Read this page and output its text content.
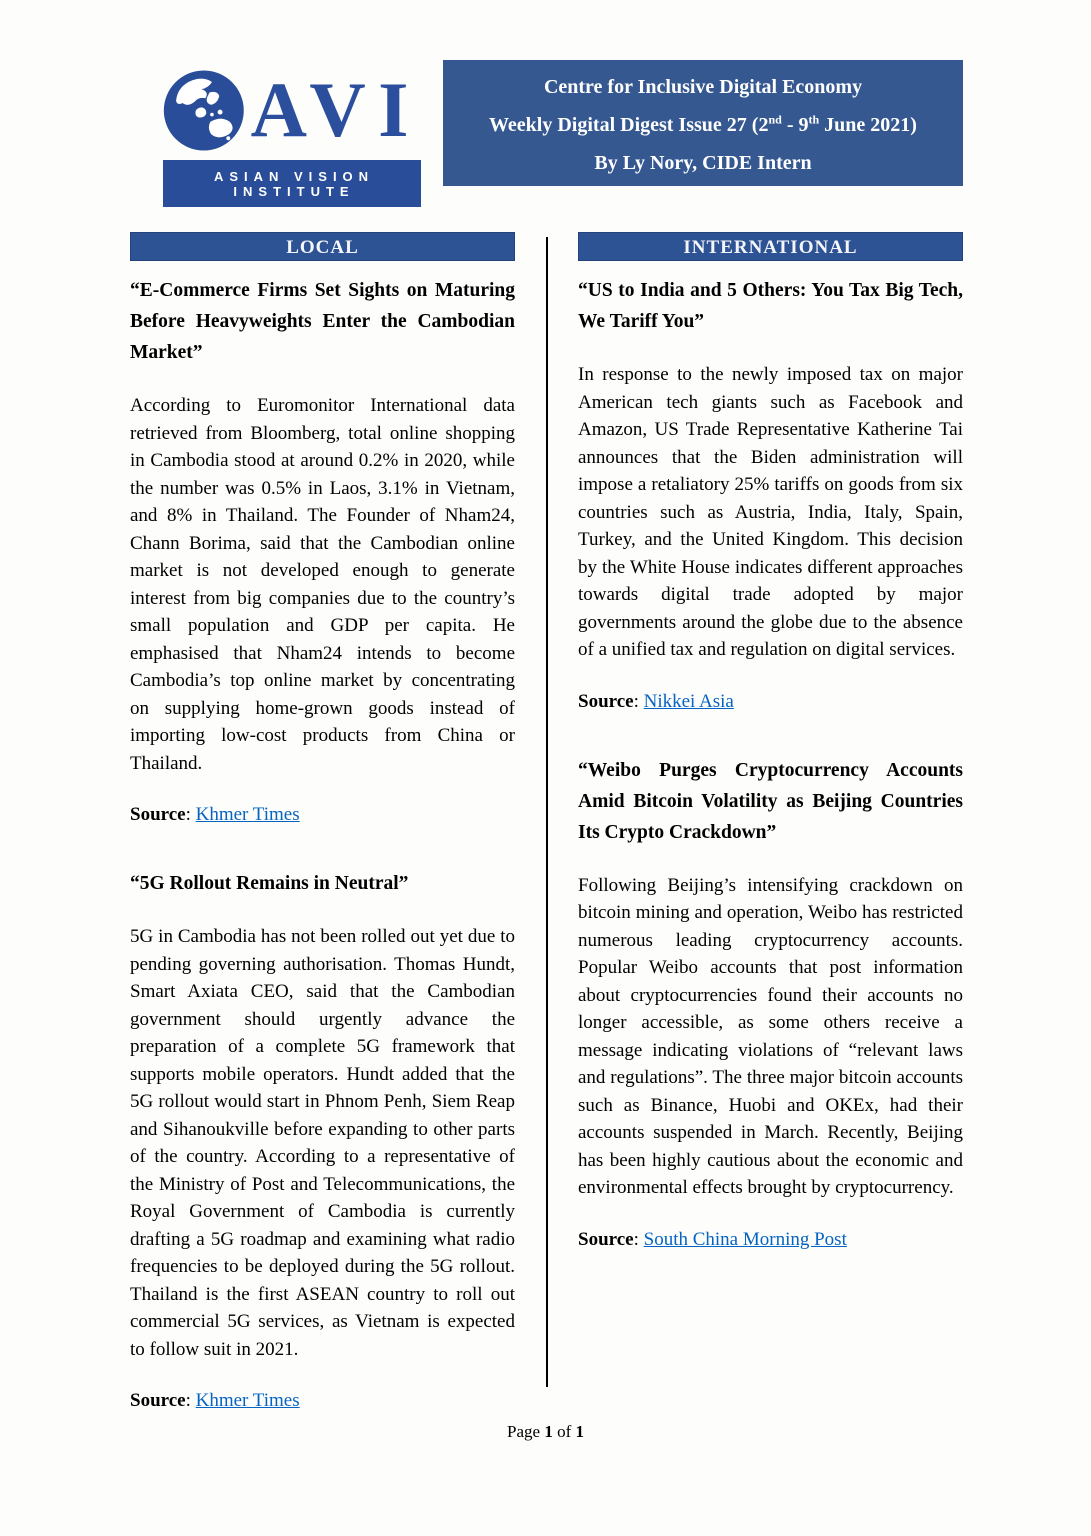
AVI
ASIAN VISION INSTITUTE
Centre for Inclusive Digital Economy
Weekly Digital Digest Issue 27 (2nd - 9th June 2021)
By Ly Nory, CIDE Intern
LOCAL
“E-Commerce Firms Set Sights on Maturing Before Heavyweights Enter the Cambodian Market”

According to Euromonitor International data retrieved from Bloomberg, total online shopping in Cambodia stood at around 0.2% in 2020, while the number was 0.5% in Laos, 3.1% in Vietnam, and 8% in Thailand. The Founder of Nham24, Chann Borima, said that the Cambodian online market is not developed enough to generate interest from big companies due to the country’s small population and GDP per capita. He emphasised that Nham24 intends to become Cambodia’s top online market by concentrating on supplying home-grown goods instead of importing low-cost products from China or Thailand.

Source: Khmer Times

“5G Rollout Remains in Neutral”

5G in Cambodia has not been rolled out yet due to pending governing authorisation. Thomas Hundt, Smart Axiata CEO, said that the Cambodian government should urgently advance the preparation of a complete 5G framework that supports mobile operators. Hundt added that the 5G rollout would start in Phnom Penh, Siem Reap and Sihanoukville before expanding to other parts of the country. According to a representative of the Ministry of Post and Telecommunications, the Royal Government of Cambodia is currently drafting a 5G roadmap and examining what radio frequencies to be deployed during the 5G rollout. Thailand is the first ASEAN country to roll out commercial 5G services, as Vietnam is expected to follow suit in 2021.

Source: Khmer Times

INTERNATIONAL
“US to India and 5 Others: You Tax Big Tech, We Tariff You”

In response to the newly imposed tax on major American tech giants such as Facebook and Amazon, US Trade Representative Katherine Tai announces that the Biden administration will impose a retaliatory 25% tariffs on goods from six countries such as Austria, India, Italy, Spain, Turkey, and the United Kingdom. This decision by the White House indicates different approaches towards digital trade adopted by major governments around the globe due to the absence of a unified tax and regulation on digital services.

Source: Nikkei Asia

“Weibo Purges Cryptocurrency Accounts Amid Bitcoin Volatility as Beijing Countries Its Crypto Crackdown”

Following Beijing’s intensifying crackdown on bitcoin mining and operation, Weibo has restricted numerous leading cryptocurrency accounts. Popular Weibo accounts that post information about cryptocurrencies found their accounts no longer accessible, as some others receive a message indicating violations of “relevant laws and regulations”. The three major bitcoin accounts such as Binance, Huobi and OKEx, had their accounts suspended in March. Recently, Beijing has been highly cautious about the economic and environmental effects brought by cryptocurrency.

Source: South China Morning Post

Page 1 of 1
